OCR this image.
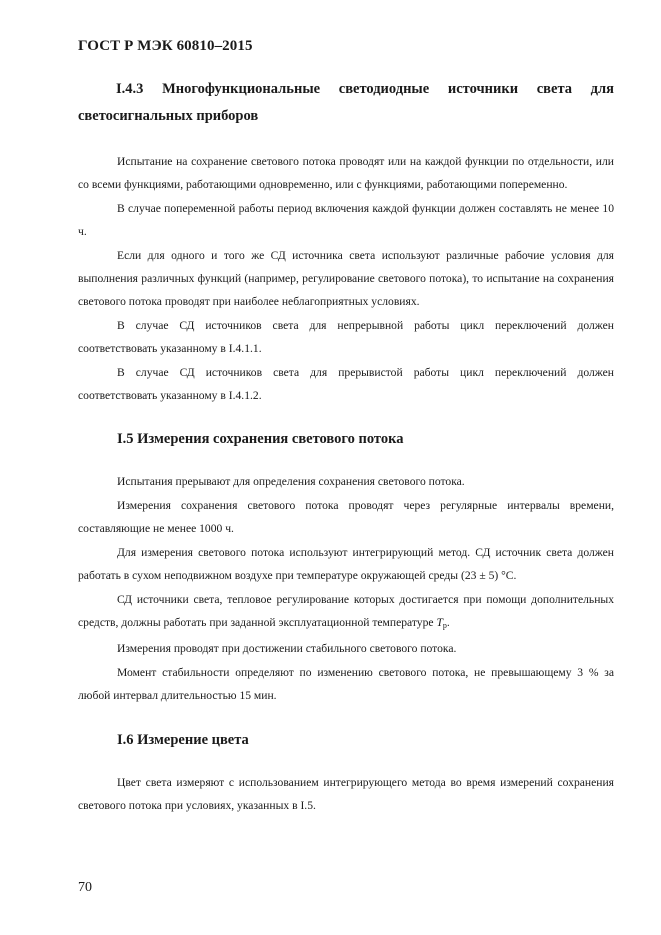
ГОСТ Р МЭК 60810–2015
I.4.3 Многофункциональные светодиодные источники света для светосигнальных приборов

Испытание на сохранение светового потока проводят или на каждой функции по отдельности, или со всеми функциями, работающими одновременно, или с функциями, работающими попеременно.

В случае попеременной работы период включения каждой функции должен составлять не менее 10 ч.

Если для одного и того же СД источника света используют различные рабочие условия для выполнения различных функций (например, регулирование светового потока), то испытание на сохранения светового потока проводят при наиболее неблагоприятных условиях.

В случае СД источников света для непрерывной работы цикл переключений должен соответствовать указанному в I.4.1.1.

В случае СД источников света для прерывистой работы цикл переключений должен соответствовать указанному в I.4.1.2.

I.5 Измерения сохранения светового потока

Испытания прерывают для определения сохранения светового потока.

Измерения сохранения светового потока проводят через регулярные интервалы времени, составляющие не менее 1000 ч.

Для измерения светового потока используют интегрирующий метод. СД источник света должен работать в сухом неподвижном воздухе при температуре окружающей среды (23 ± 5) °С.

СД источники света, тепловое регулирование которых достигается при помощи дополнительных средств, должны работать при заданной эксплуатационной температуре $T_p$.

Измерения проводят при достижении стабильного светового потока.

Момент стабильности определяют по изменению светового потока, не превышающему 3 % за любой интервал длительностью 15 мин.

I.6 Измерение цвета

Цвет света измеряют с использованием интегрирующего метода во время измерений сохранения светового потока при условиях, указанных в I.5.

70
